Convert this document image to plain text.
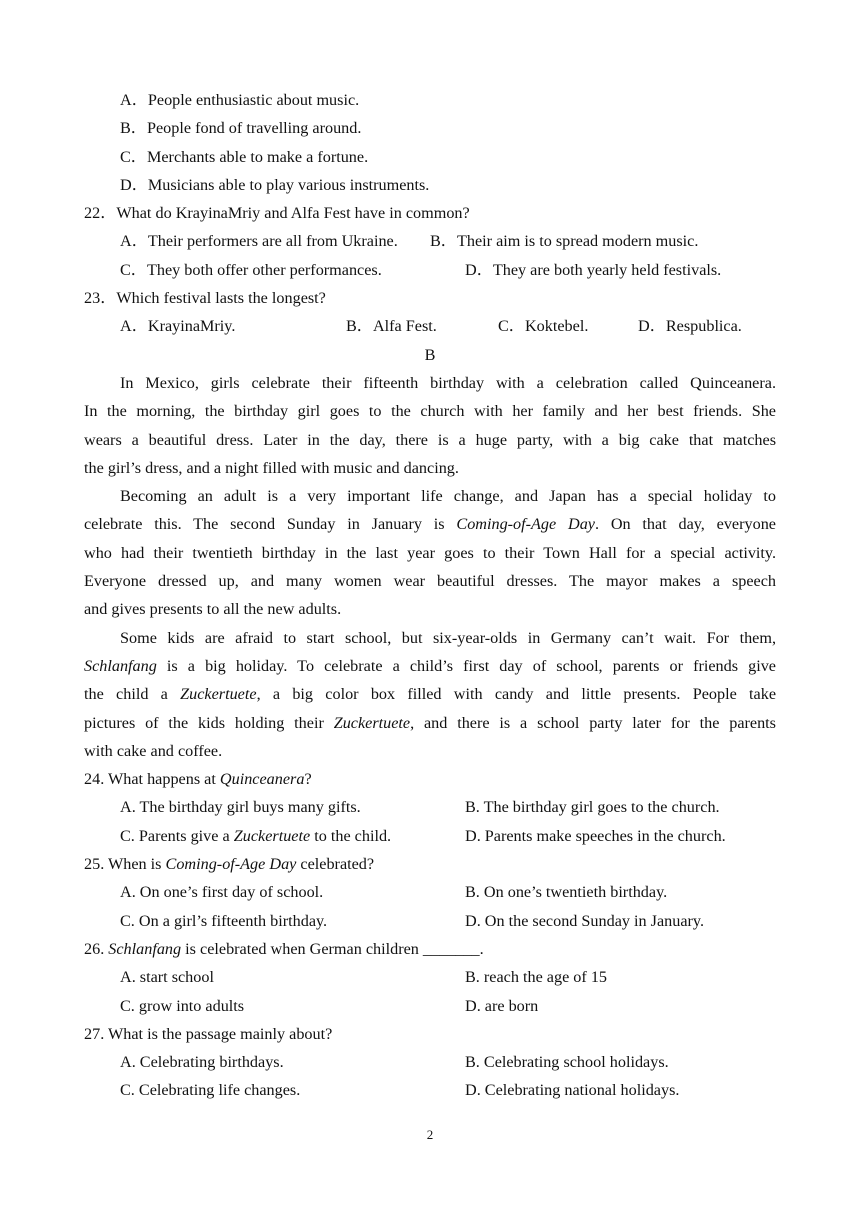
A．People enthusiastic about music.
B．People fond of travelling around.
C．Merchants able to make a fortune.
D．Musicians able to play various instruments.
22．What do KrayinaMriy and Alfa Fest have in common?
A．Their performers are all from Ukraine. B．Their aim is to spread modern music.
C．They both offer other performances.	D．They are both yearly held festivals.
23．Which festival lasts the longest?
A．KrayinaMriy.	B．Alfa Fest.	C．Koktebel.	D．Respublica.
B
In Mexico, girls celebrate their fifteenth birthday with a celebration called Quinceanera.
In the morning, the birthday girl goes to the church with her family and her best friends. She
wears a beautiful dress. Later in the day, there is a huge party, with a big cake that matches
the girl’s dress, and a night filled with music and dancing.
Becoming an adult is a very important life change, and Japan has a special holiday to
celebrate this. The second Sunday in January is Coming-of-Age Day. On that day, everyone
who had their twentieth birthday in the last year goes to their Town Hall for a special activity.
Everyone dressed up, and many women wear beautiful dresses. The mayor makes a speech
and gives presents to all the new adults.
Some kids are afraid to start school, but six-year-olds in Germany can’t wait. For them,
Schlanfang is a big holiday. To celebrate a child’s first day of school, parents or friends give
the child a Zuckertuete, a big color box filled with candy and little presents. People take
pictures of the kids holding their Zuckertuete, and there is a school party later for the parents
with cake and coffee.
24. What happens at Quinceanera?
A. The birthday girl buys many gifts.	B. The birthday girl goes to the church.
C. Parents give a Zuckertuete to the child.	D. Parents make speeches in the church.
25. When is Coming-of-Age Day celebrated?
A. On one’s first day of school.	B. On one’s twentieth birthday.
C. On a girl’s fifteenth birthday.	D. On the second Sunday in January.
26. Schlanfang is celebrated when German children _______.
A. start school	B. reach the age of 15
C. grow into adults	D. are born
27. What is the passage mainly about?
A. Celebrating birthdays.	B. Celebrating school holidays.
C. Celebrating life changes.	D. Celebrating national holidays.
2
